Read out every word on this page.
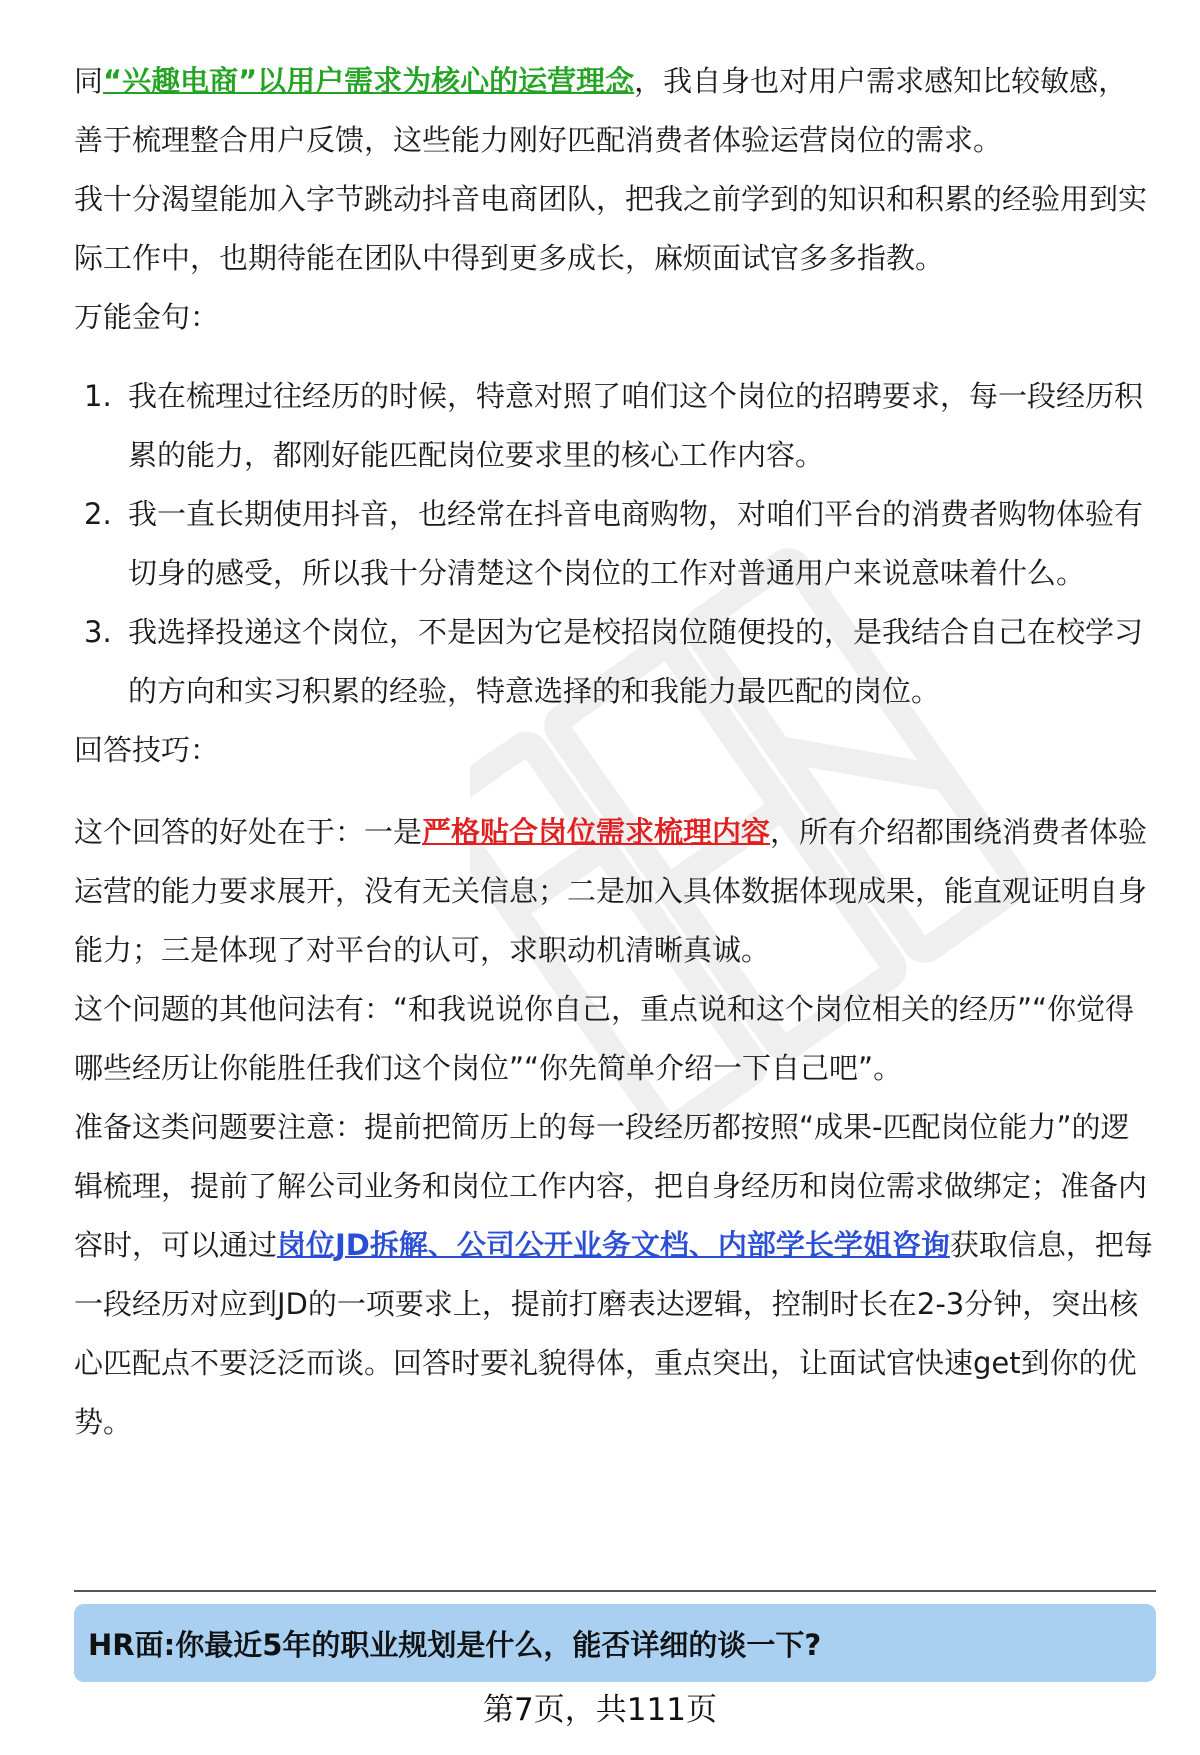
同“兴趣电商”以用户需求为核心的运营理念，我自身也对用户需求感知比较敏感，善于梳理整合用户反馈，这些能力刚好匹配消费者体验运营岗位的需求。

我十分渴望能加入字节跳动抖音电商团队，把我之前学到的知识和积累的经验用到实际工作中，也期待能在团队中得到更多成长，麻烦面试官多多指教。

万能金句：

1. 我在梳理过往经历的时候，特意对照了咱们这个岗位的招聘要求，每一段经历积累的能力，都刚好能匹配岗位要求里的核心工作内容。
2. 我一直长期使用抖音，也经常在抖音电商购物，对咱们平台的消费者购物体验有切身的感受，所以我十分清楚这个岗位的工作对普通用户来说意味着什么。
3. 我选择投递这个岗位，不是因为它是校招岗位随便投的，是我结合自己在校学习的方向和实习积累的经验，特意选择的和我能力最匹配的岗位。

回答技巧：

这个回答的好处在于：一是严格贴合岗位需求梳理内容，所有介绍都围绕消费者体验运营的能力要求展开，没有无关信息；二是加入具体数据体现成果，能直观证明自身能力；三是体现了对平台的认可，求职动机清晰真诚。

这个问题的其他问法有：“和我说说你自己，重点说和这个岗位相关的经历”“你觉得哪些经历让你能胜任我们这个岗位”“你先简单介绍一下自己吧”。

准备这类问题要注意：提前把简历上的每一段经历都按照“成果-匹配岗位能力”的逻辑梳理，提前了解公司业务和岗位工作内容，把自身经历和岗位需求做绑定；准备内容时，可以通过岗位JD拆解、公司公开业务文档、内部学长学姐咨询获取信息，把每一段经历对应到JD的一项要求上，提前打磨表达逻辑，控制时长在2-3分钟，突出核心匹配点不要泛泛而谈。回答时要礼貌得体，重点突出，让面试官快速get到你的优势。

HR面:你最近5年的职业规划是什么，能否详细的谈一下?
第7页，共111页
